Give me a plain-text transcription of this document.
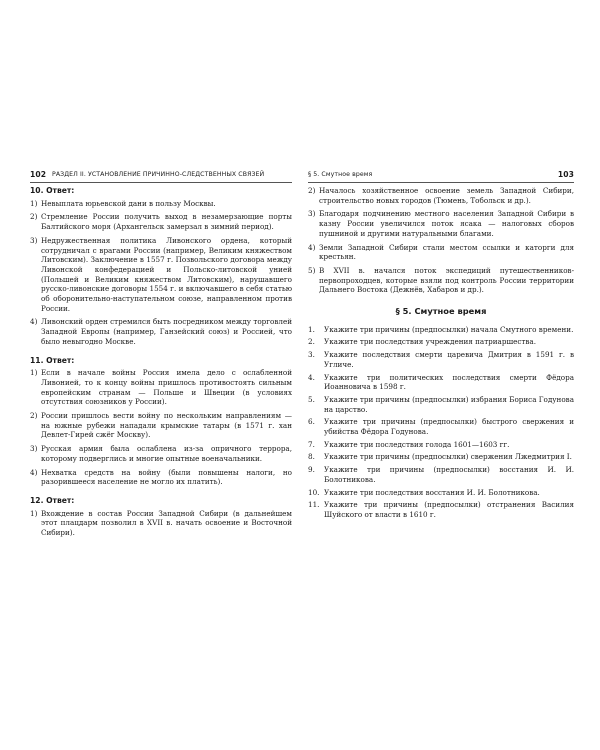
102 РАЗДЕЛ II. УСТАНОВЛЕНИЕ ПРИЧИННО-СЛЕДСТВЕННЫХ СВЯЗЕЙ
10. Ответ:
1) Невыплата юрьевской дани в пользу Москвы.
2) Стремление России получить выход в незамерзающие порты Балтийского моря (Архангельск замерзал в зимний период).
3) Недружественная политика Ливонского ордена, который сотрудничал с врагами России (например, Великим княжеством Литовским). Заключение в 1557 г. Позвольского договора между Ливонской конфедерацией и Польско-литовской унией (Польшей и Великим княжеством Литовским), нарушавшего русско-ливонские договоры 1554 г. и включавшего в себя статью об оборонительно-наступательном союзе, направленном против России.
4) Ливонский орден стремился быть посредником между торговлей Западной Европы (например, Ганзейский союз) и Россией, что было невыгодно Москве.
11. Ответ:
1) Если в начале войны Россия имела дело с ослабленной Ливонией, то к концу войны пришлось противостоять сильным европейским странам — Польше и Швеции (в условиях отсутствия союзников у России).
2) России пришлось вести войну по нескольким направлениям — на южные рубежи нападали крымские татары (в 1571 г. хан Девлет-Гирей сжёг Москву).
3) Русская армия была ослаблена из-за опричного террора, которому подверглись и многие опытные военачальники.
4) Нехватка средств на войну (были повышены налоги, но разорившееся население не могло их платить).
12. Ответ:
1) Вхождение в состав России Западной Сибири (в дальнейшем этот плацдарм позволил в XVII в. начать освоение и Восточной Сибири).
§ 5. Смутное время	103
2) Началось хозяйственное освоение земель Западной Сибири, строительство новых городов (Тюмень, Тобольск и др.).
3) Благодаря подчинению местного населения Западной Сибири в казну России увеличился поток ясака — налоговых сборов пушниной и другими натуральными благами.
4) Земли Западной Сибири стали местом ссылки и каторги для крестьян.
5) В XVII в. начался поток экспедиций путешественников-первопроходцев, которые взяли под контроль России территории Дальнего Востока (Дежнёв, Хабаров и др.).
§ 5. Смутное время
1. Укажите три причины (предпосылки) начала Смутного времени.
2. Укажите три последствия учреждения патриаршества.
3. Укажите последствия смерти царевича Дмитрия в 1591 г. в Угличе.
4. Укажите три политических последствия смерти Фёдора Иоанновича в 1598 г.
5. Укажите три причины (предпосылки) избрания Бориса Годунова на царство.
6. Укажите три причины (предпосылки) быстрого свержения и убийства Фёдора Годунова.
7. Укажите три последствия голода 1601—1603 гг.
8. Укажите три причины (предпосылки) свержения Лжедмитрия I.
9. Укажите три причины (предпосылки) восстания И. И. Болотникова.
10. Укажите три последствия восстания И. И. Болотникова.
11. Укажите три причины (предпосылки) отстранения Василия Шуйского от власти в 1610 г.
